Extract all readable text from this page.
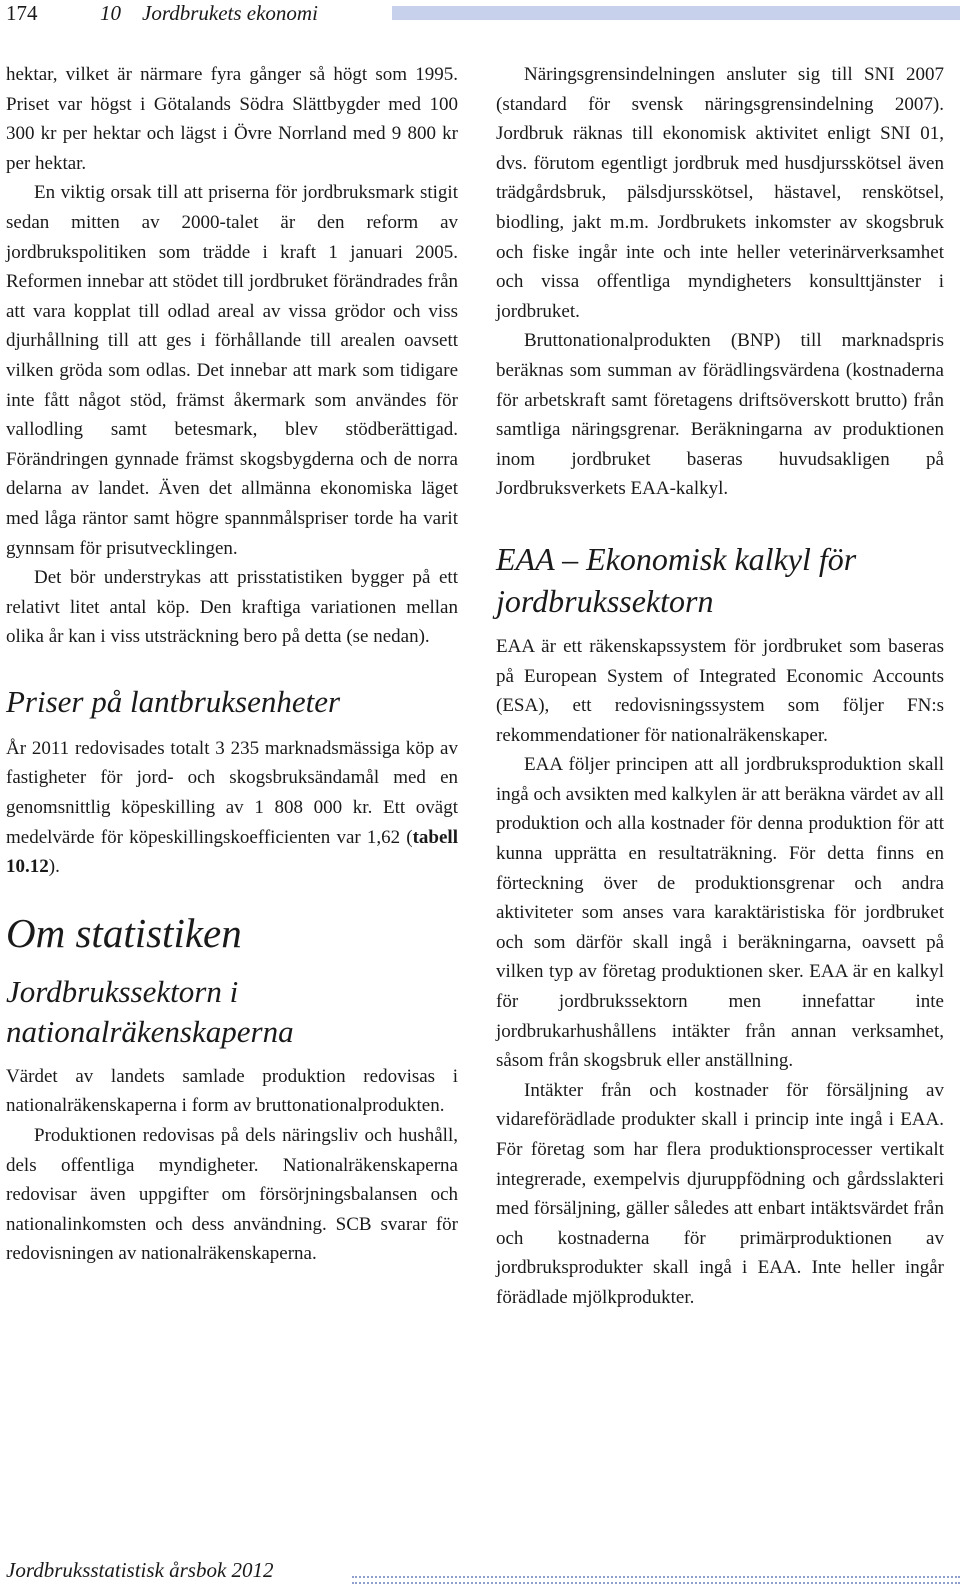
174	10    Jordbrukets ekonomi

hektar, vilket är närmare fyra gånger så högt som 1995. Priset var högst i Götalands Södra Slättbygder med 100 300 kr per hektar och lägst i Övre Norrland med 9 800 kr per hektar.

En viktig orsak till att priserna för jordbruksmark stigit sedan mitten av 2000-talet är den reform av jordbrukspolitiken som trädde i kraft 1 januari 2005. Reformen innebar att stödet till jordbruket förändrades från att vara kopplat till odlad areal av vissa grödor och viss djurhållning till att ges i förhållande till arealen oavsett vilken gröda som odlas. Det innebar att mark som tidigare inte fått något stöd, främst åkermark som användes för vallodling samt betesmark, blev stödberättigad. Förändringen gynnade främst skogsbygderna och de norra delarna av landet. Även det allmänna ekonomiska läget med låga räntor samt högre spannmålspriser torde ha varit gynnsam för prisutvecklingen.

Det bör understrykas att prisstatistiken bygger på ett relativt litet antal köp. Den kraftiga variationen mellan olika år kan i viss utsträckning bero på detta (se nedan).

Priser på lantbruksenheter

År 2011 redovisades totalt 3 235 marknadsmässiga köp av fastigheter för jord- och skogsbruksändamål med en genomsnittlig köpeskilling av 1 808 000 kr. Ett ovägt medelvärde för köpeskillingskoefficienten var 1,62 (tabell 10.12).

Om statistiken
Jordbrukssektorn i nationalräkenskaperna

Värdet av landets samlade produktion redovisas i nationalräkenskaperna i form av bruttonationalprodukten.

Produktionen redovisas på dels näringsliv och hushåll, dels offentliga myndigheter. Nationalräkenskaperna redovisar även uppgifter om försörjningsbalansen och nationalinkomsten och dess användning. SCB svarar för redovisningen av nationalräkenskaperna.

Näringsgrensindelningen ansluter sig till SNI 2007 (standard för svensk näringsgrensindelning 2007). Jordbruk räknas till ekonomisk aktivitet enligt SNI 01, dvs. förutom egentligt jordbruk med husdjursskötsel även trädgårdsbruk, pälsdjursskötsel, hästavel, renskötsel, biodling, jakt m.m. Jordbrukets inkomster av skogsbruk och fiske ingår inte och inte heller veterinärverksamhet och vissa offentliga myndigheters konsulttjänster i jordbruket.

Bruttonationalprodukten (BNP) till marknadspris beräknas som summan av förädlingsvärdena (kostnaderna för arbetskraft samt företagens driftsöverskott brutto) från samtliga näringsgrenar. Beräkningarna av produktionen inom jordbruket baseras huvudsakligen på Jordbruksverkets EAA-kalkyl.

EAA – Ekonomisk kalkyl för jordbrukssektorn

EAA är ett räkenskapssystem för jordbruket som baseras på European System of Integrated Economic Accounts (ESA), ett redovisningssystem som följer FN:s rekommendationer för nationalräkenskaper.

EAA följer principen att all jordbruksproduktion skall ingå och avsikten med kalkylen är att beräkna värdet av all produktion och alla kostnader för denna produktion för att kunna upprätta en resultaträkning. För detta finns en förteckning över de produktionsgrenar och andra aktiviteter som anses vara karaktäristiska för jordbruket och som därför skall ingå i beräkningarna, oavsett på vilken typ av företag produktionen sker. EAA är en kalkyl för jordbrukssektorn men innefattar inte jordbrukarhushållens intäkter från annan verksamhet, såsom från skogsbruk eller anställning.

Intäkter från och kostnader för försäljning av vidareförädlade produkter skall i princip inte ingå i EAA. För företag som har flera produktionsprocesser vertikalt integrerade, exempelvis djuruppfödning och gårdsslakteri med försäljning, gäller således att enbart intäktsvärdet från och kostnaderna för primärproduktionen av jordbruksprodukter skall ingå i EAA. Inte heller ingår förädlade mjölkprodukter.

Jordbruksstatistisk årsbok 2012
